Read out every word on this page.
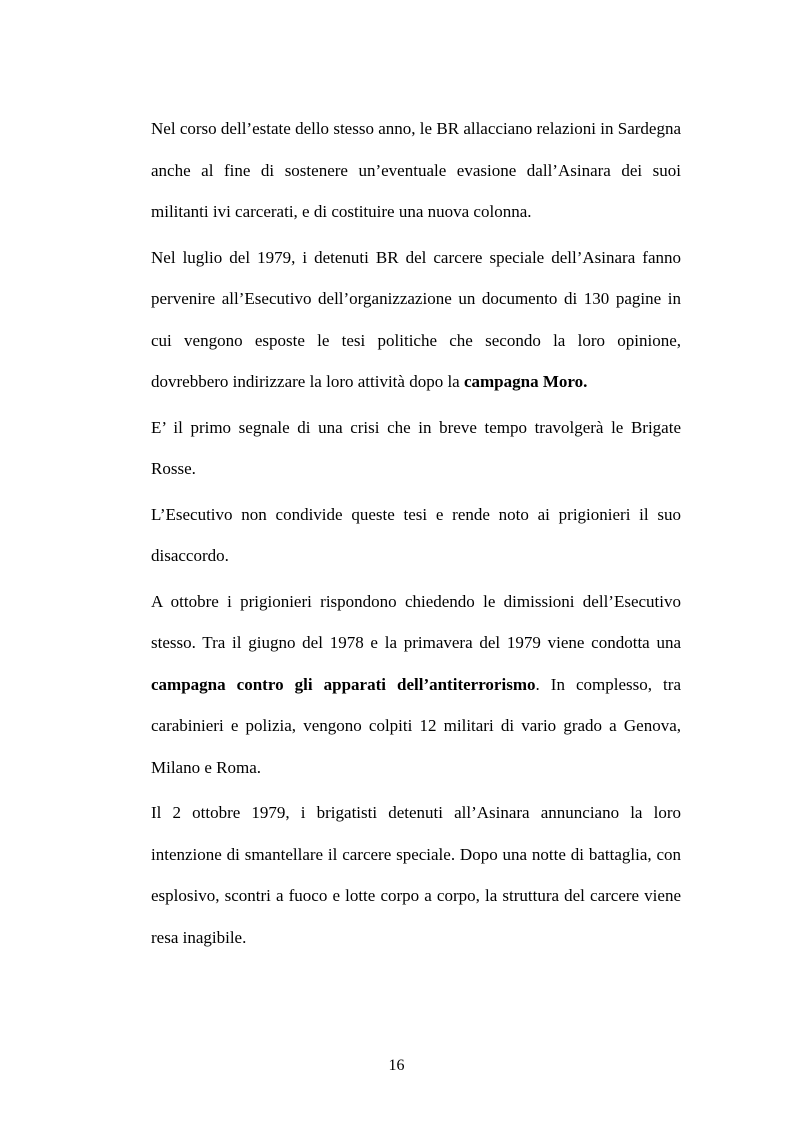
Nel corso dell’estate dello stesso anno, le BR allacciano relazioni in Sardegna anche al fine di sostenere un’eventuale evasione dall’Asinara dei suoi militanti ivi carcerati, e di costituire una nuova colonna.

Nel luglio del 1979, i detenuti BR del carcere speciale dell’Asinara fanno pervenire all’Esecutivo dell’organizzazione un documento di 130 pagine in cui vengono esposte le tesi politiche che secondo la loro opinione, dovrebbero indirizzare la loro attività dopo la campagna Moro.

E’ il primo segnale di una crisi che in breve tempo travolgerà le Brigate Rosse.

L’Esecutivo non condivide queste tesi e rende noto ai prigionieri il suo disaccordo.

A ottobre i prigionieri rispondono chiedendo le dimissioni dell’Esecutivo stesso. Tra il giugno del 1978 e la primavera del 1979 viene condotta una campagna contro gli apparati dell’antiterrorismo. In complesso, tra carabinieri e polizia, vengono colpiti 12 militari di vario grado a Genova, Milano e Roma.

Il 2 ottobre 1979, i brigatisti detenuti all’Asinara annunciano la loro intenzione di smantellare il carcere speciale. Dopo una notte di battaglia, con esplosivo, scontri a fuoco e lotte corpo a corpo, la struttura del carcere viene resa inagibile.

16
